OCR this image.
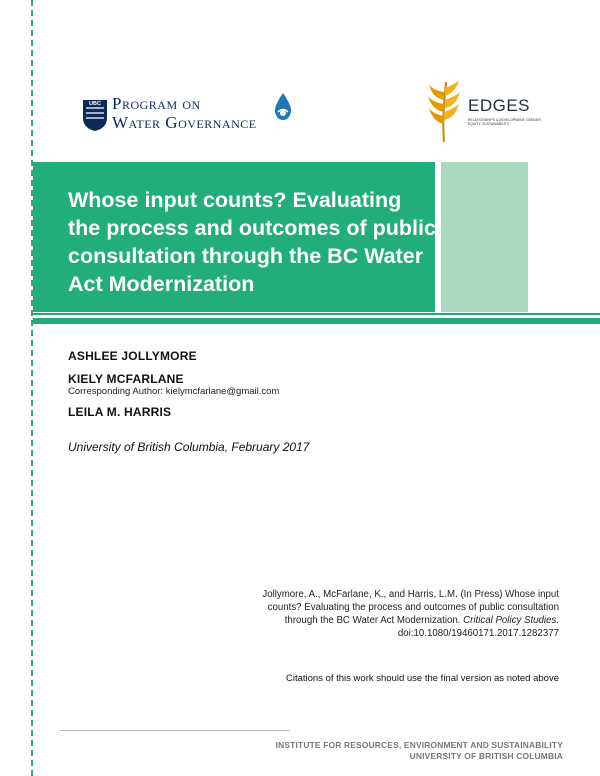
UBC Program on
Water Governance
EDGES
RELATIONSHIPS & DEVELOPMENT: GENDER, EQUITY, SUSTAINABILITY
Whose input counts? Evaluating the process and outcomes of public consultation through the BC Water Act Modernization
ASHLEE JOLLYMORE
KIELY MCFARLANE
Corresponding Author: kielymcfarlane@gmail.com
LEILA M. HARRIS
University of British Columbia, February 2017
Jollymore, A., McFarlane, K., and Harris, L.M. (In Press) Whose input counts? Evaluating the process and outcomes of public consultation through the BC Water Act Modernization. Critical Policy Studies. doi:10.1080/19460171.2017.1282377
Citations of this work should use the final version as noted above
INSTITUTE FOR RESOURCES, ENVIRONMENT AND SUSTAINABILITY
UNIVERSITY OF BRITISH COLUMBIA
